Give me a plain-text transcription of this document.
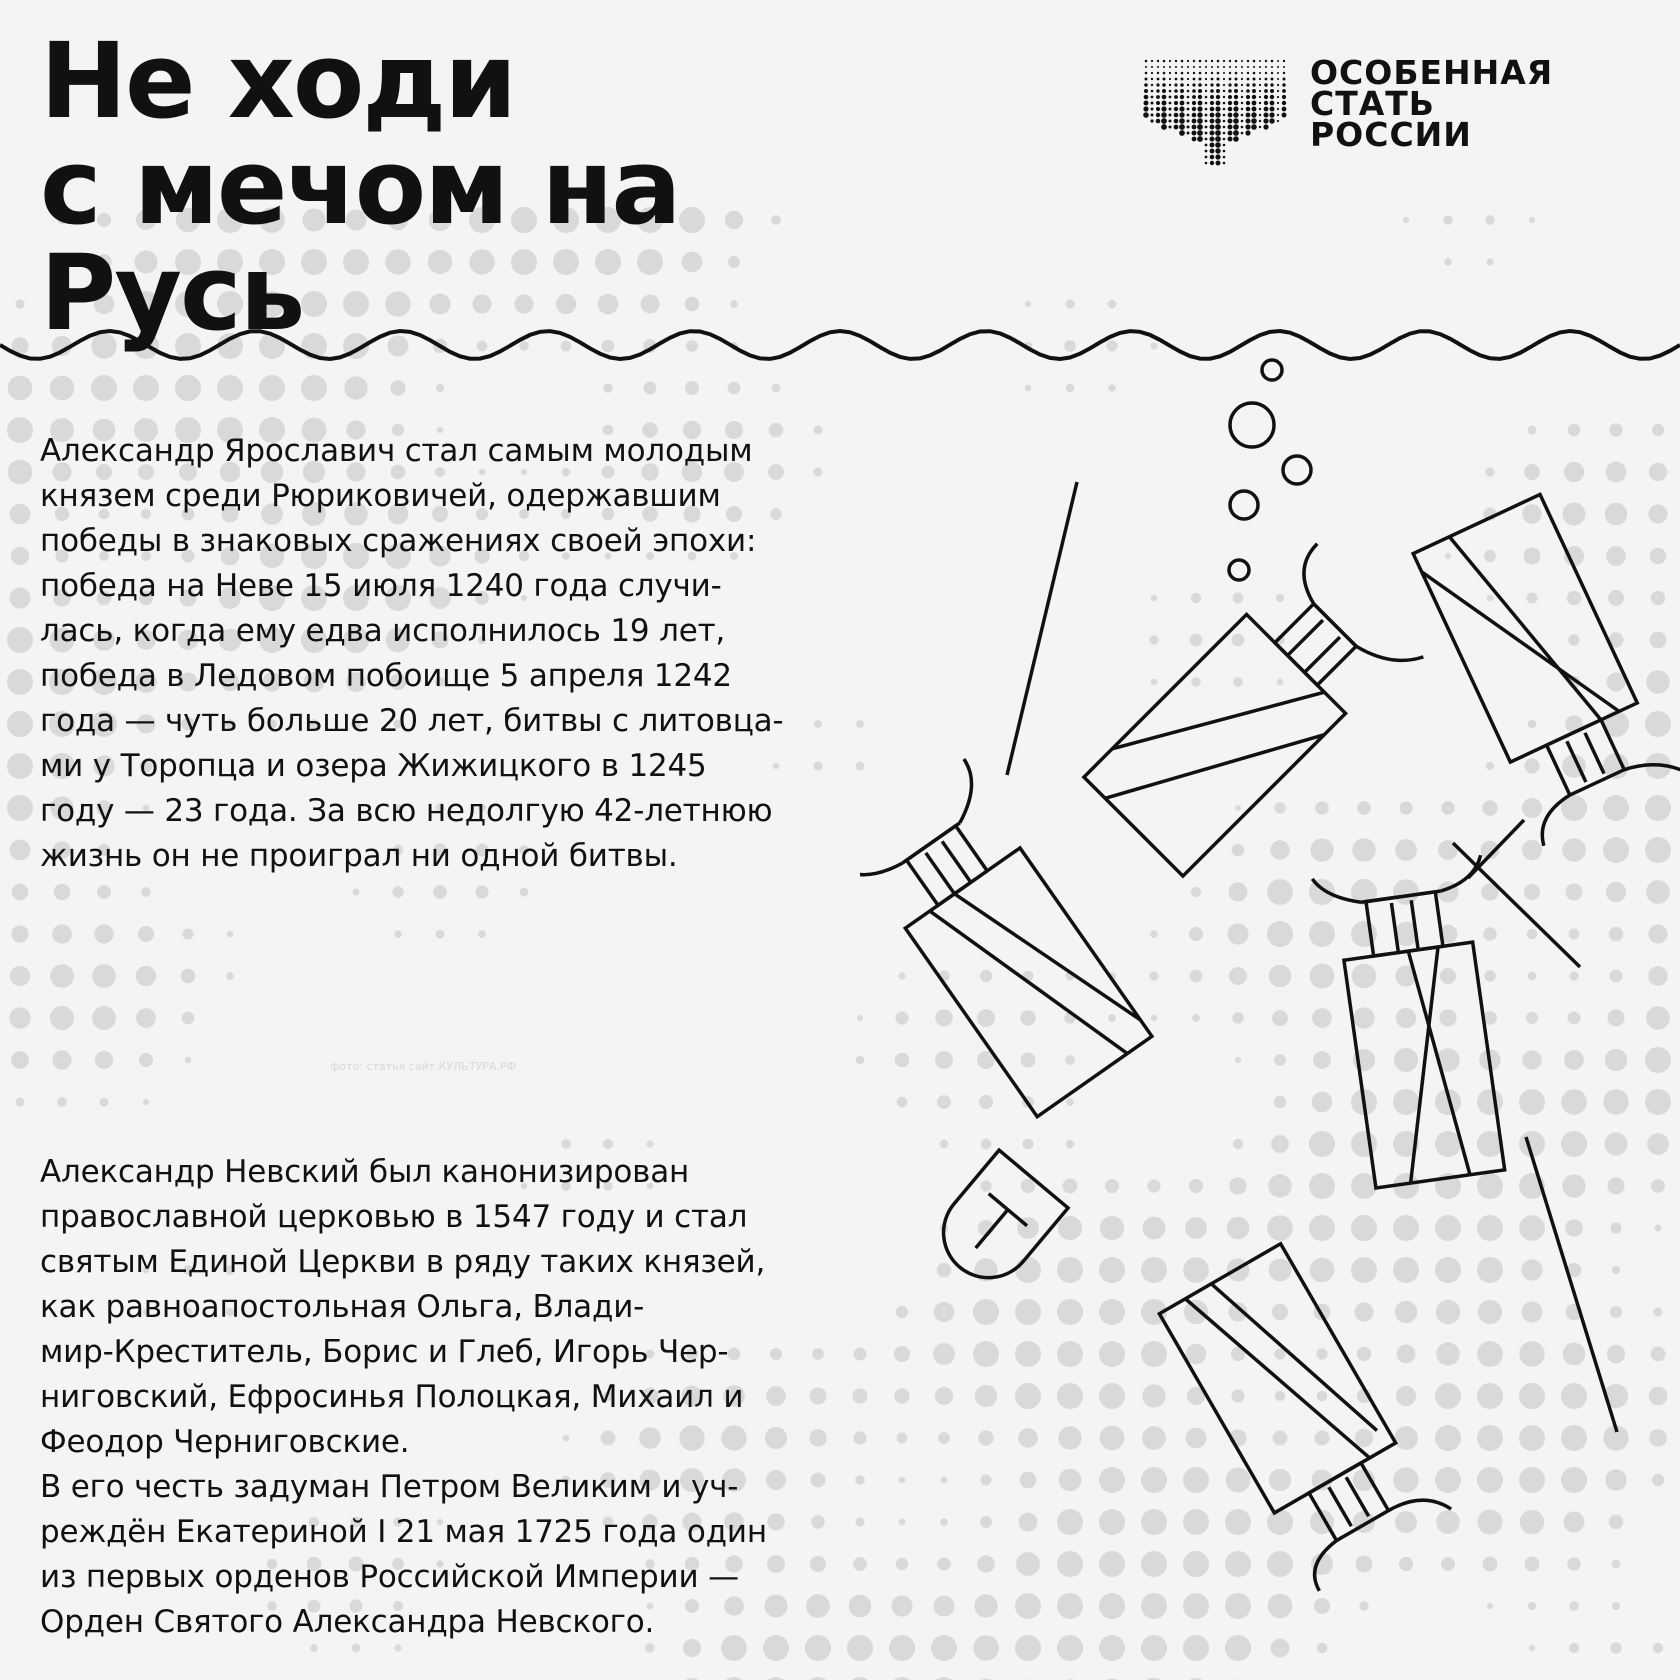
Не ходи
с мечом на
Русь
ОСОБЕННАЯ
СТАТЬ
РОССИИ
Александр Ярославич стал самым молодым
князем среди Рюриковичей, одержавшим
победы в знаковых сражениях своей эпохи:
победа на Неве 15 июля 1240 года случи-
лась, когда ему едва исполнилось 19 лет,
победа в Ледовом побоище 5 апреля 1242
года — чуть больше 20 лет, битвы с литовца-
ми у Торопца и озера Жижицкого в 1245
году — 23 года. За всю недолгую 42-летнюю
жизнь он не проиграл ни одной битвы.
фото: статья сайт КУЛЬТУРА.РФ
Александр Невский был канонизирован
православной церковью в 1547 году и стал
святым Единой Церкви в ряду таких князей,
как равноапостольная Ольга, Влади-
мир-Креститель, Борис и Глеб, Игорь Чер-
ниговский, Ефросинья Полоцкая, Михаил и
Феодор Черниговские.
В его честь задуман Петром Великим и уч-
реждён Екатериной I 21 мая 1725 года один
из первых орденов Российской Империи —
Орден Святого Александра Невского.
